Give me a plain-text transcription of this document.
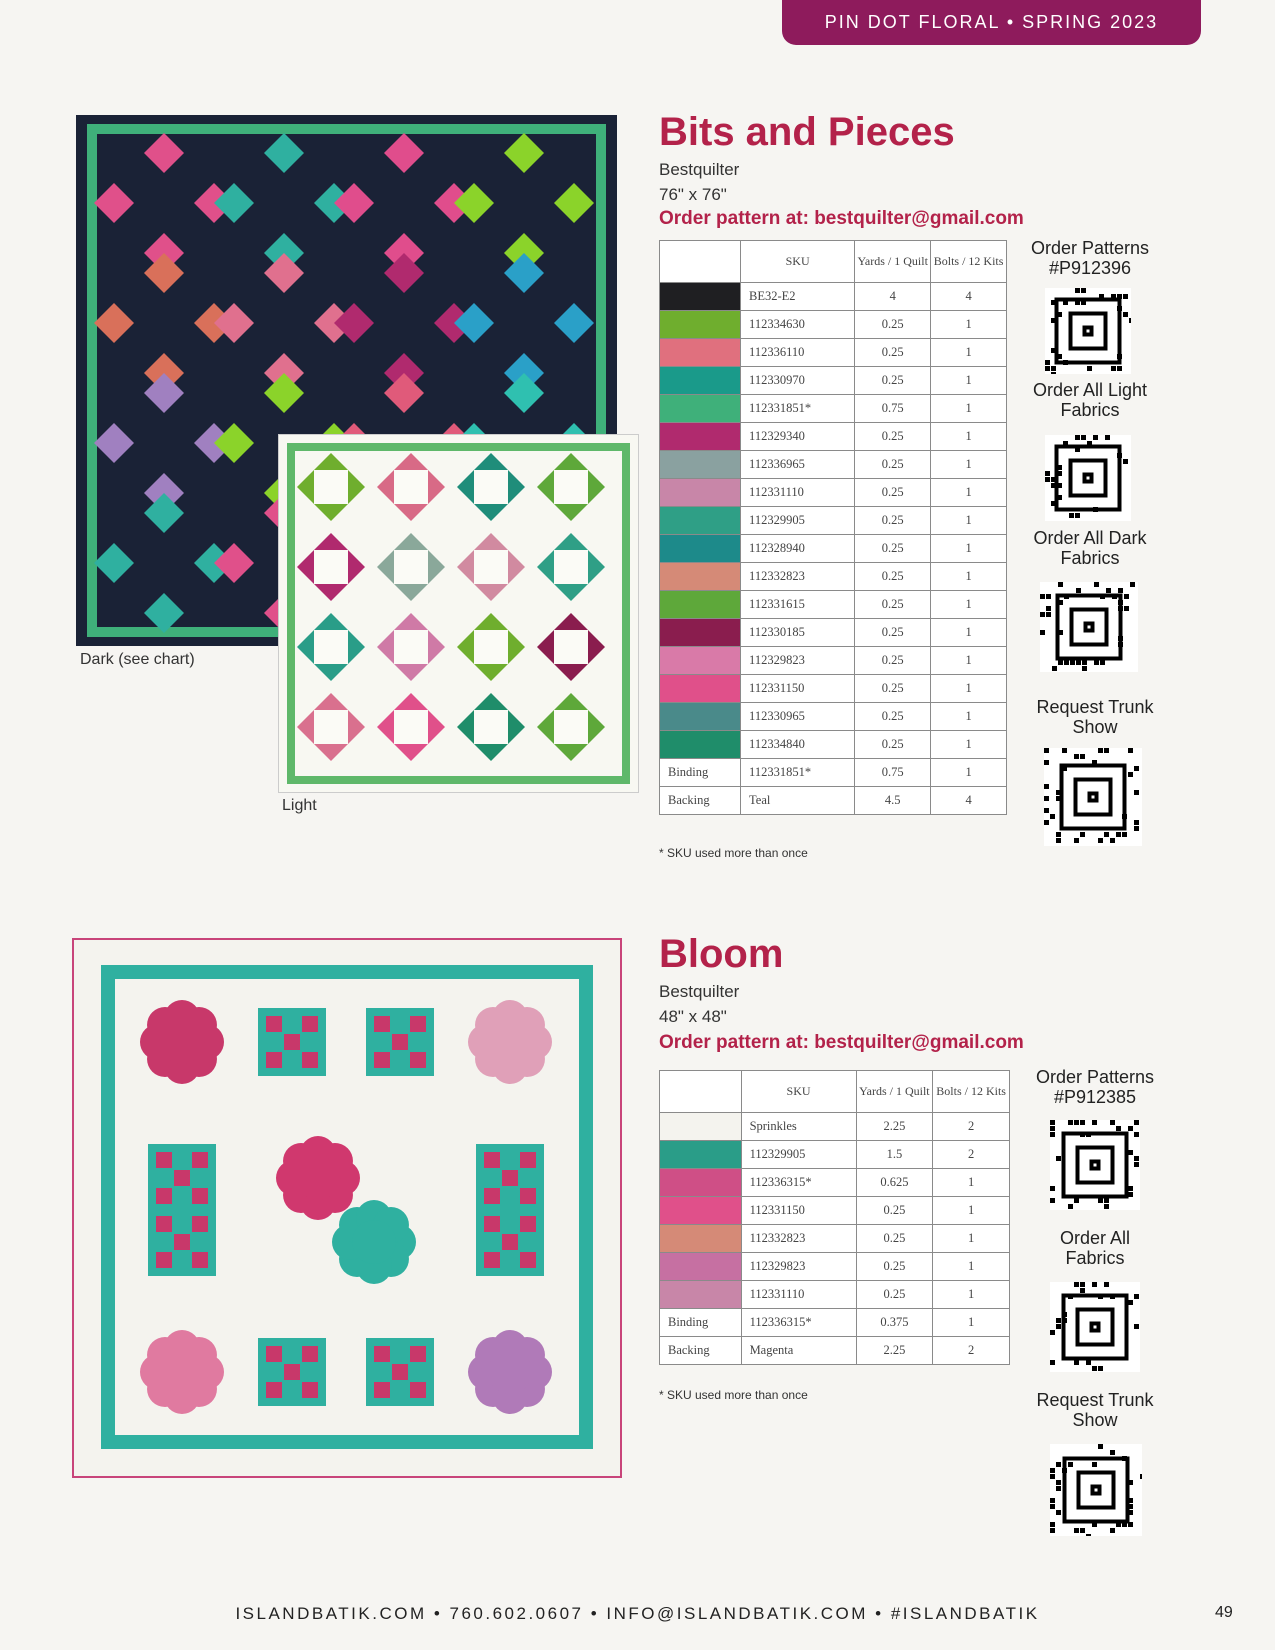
PIN DOT FLORAL • SPRING 2023
Dark (see chart)
Light
Bits and Pieces
Bestquilter
76" x 76"
Order pattern at: bestquilter@gmail.com
	SKU	Yards / 1 Quilt	Bolts / 12 Kits
	BE32-E2	4	4
	112334630	0.25	1
	112336110	0.25	1
	112330970	0.25	1
	112331851*	0.75	1
	112329340	0.25	1
	112336965	0.25	1
	112331110	0.25	1
	112329905	0.25	1
	112328940	0.25	1
	112332823	0.25	1
	112331615	0.25	1
	112330185	0.25	1
	112329823	0.25	1
	112331150	0.25	1
	112330965	0.25	1
	112334840	0.25	1
Binding	112331851*	0.75	1
Backing	Teal	4.5	4
* SKU used more than once
Order Patterns #P912396
Order All Light Fabrics
Order All Dark Fabrics
Request Trunk Show
Bloom
Bestquilter
48" x 48"
Order pattern at: bestquilter@gmail.com
	SKU	Yards / 1 Quilt	Bolts / 12 Kits
	Sprinkles	2.25	2
	112329905	1.5	2
	112336315*	0.625	1
	112331150	0.25	1
	112332823	0.25	1
	112329823	0.25	1
	112331110	0.25	1
Binding	112336315*	0.375	1
Backing	Magenta	2.25	2
* SKU used more than once
Order Patterns #P912385
Order All Fabrics
Request Trunk Show
ISLANDBATIK.COM • 760.602.0607 • INFO@ISLANDBATIK.COM • #ISLANDBATIK	49
